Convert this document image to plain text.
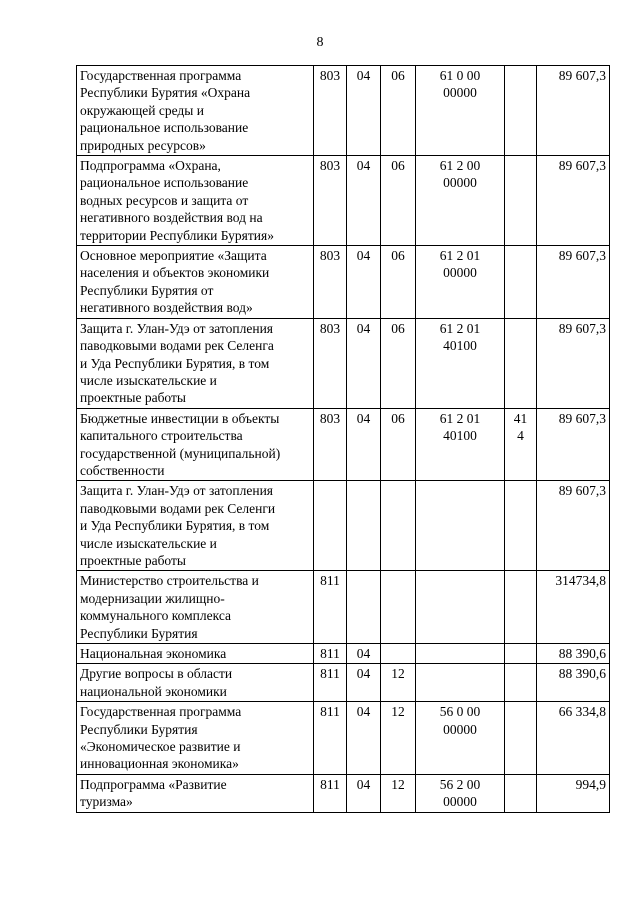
8
Государственная программа
Республики Бурятия «Охрана
окружающей среды и
рациональное использование
природных ресурсов»	803	04	06	61 0 00
00000		89 607,3

Подпрограмма «Охрана,
рациональное использование
водных ресурсов и защита от
негативного воздействия вод на
территории Республики Бурятия»	803	04	06	61 2 00
00000		89 607,3

Основное мероприятие «Защита
населения и объектов экономики
Республики Бурятия от
негативного воздействия вод»	803	04	06	61 2 01
00000		89 607,3

Защита г. Улан-Удэ от затопления
паводковыми водами рек Селенга
и Уда Республики Бурятия, в том
числе изыскательские и
проектные работы	803	04	06	61 2 01
40100		89 607,3

Бюджетные инвестиции в объекты
капитального строительства
государственной (муниципальной)
собственности	803	04	06	61 2 01
40100	41
4	89 607,3

Защита г. Улан-Удэ от затопления
паводковыми водами рек Селенги
и Уда Республики Бурятия, в том
числе изыскательские и
проектные работы						89 607,3

Министерство строительства и
модернизации жилищно-
коммунального комплекса
Республики Бурятия	811					314734,8

Национальная экономика	811	04				88 390,6

Другие вопросы в области
национальной экономики	811	04	12			88 390,6

Государственная программа
Республики Бурятия
«Экономическое развитие и
инновационная экономика»	811	04	12	56 0 00
00000		66 334,8

Подпрограмма «Развитие
туризма»	811	04	12	56 2 00
00000		994,9
